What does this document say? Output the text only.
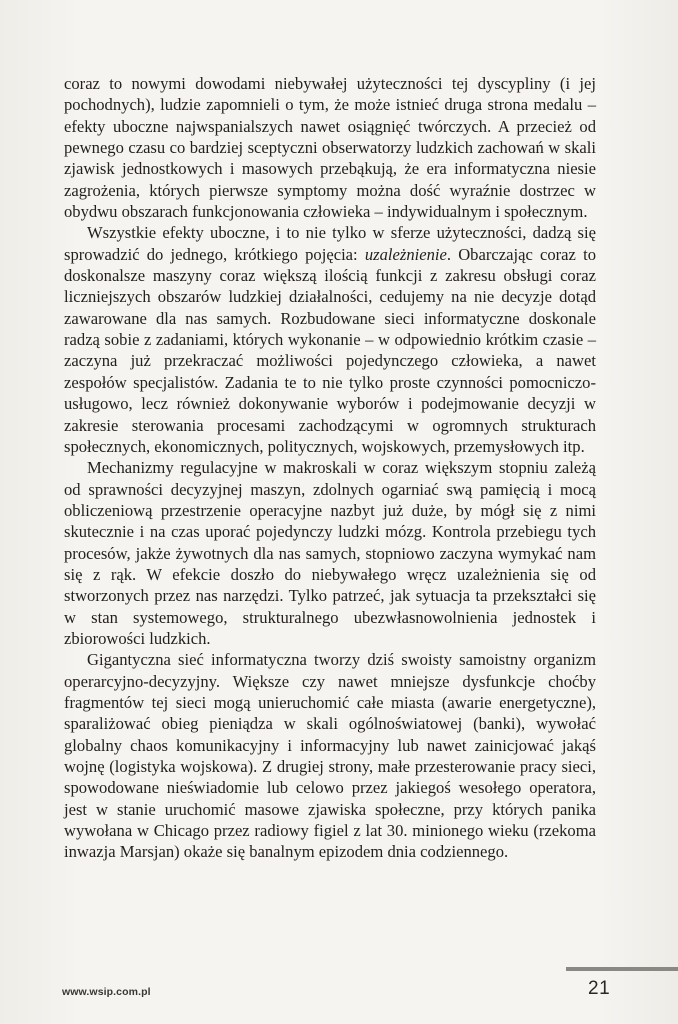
coraz to nowymi dowodami niebywałej użyteczności tej dyscypliny (i jej pochodnych), ludzie zapomnieli o tym, że może istnieć druga strona medalu – efekty uboczne najwspanialszych nawet osiągnięć twórczych. A przecież od pewnego czasu co bardziej sceptyczni obserwatorzy ludzkich zachowań w skali zjawisk jednostkowych i masowych przebąkują, że era informatyczna niesie zagrożenia, których pierwsze symptomy można dość wyraźnie dostrzec w obydwu obszarach funkcjonowania człowieka – indywidualnym i społecznym.

Wszystkie efekty uboczne, i to nie tylko w sferze użyteczności, dadzą się sprowadzić do jednego, krótkiego pojęcia: uzależnienie. Obarczając coraz to doskonalsze maszyny coraz większą ilością funkcji z zakresu obsługi coraz liczniejszych obszarów ludzkiej działalności, cedujemy na nie decyzje dotąd zawarowane dla nas samych. Rozbudowane sieci informatyczne doskonale radzą sobie z zadaniami, których wykonanie – w odpowiednio krótkim czasie – zaczyna już przekraczać możliwości pojedynczego człowieka, a nawet zespołów specjalistów. Zadania te to nie tylko proste czynności pomocniczo-usługowo, lecz również dokonywanie wyborów i podejmowanie decyzji w zakresie sterowania procesami zachodzącymi w ogromnych strukturach społecznych, ekonomicznych, politycznych, wojskowych, przemysłowych itp.

Mechanizmy regulacyjne w makroskali w coraz większym stopniu zależą od sprawności decyzyjnej maszyn, zdolnych ogarniać swą pamięcią i mocą obliczeniową przestrzenie operacyjne nazbyt już duże, by mógł się z nimi skutecznie i na czas uporać pojedynczy ludzki mózg. Kontrola przebiegu tych procesów, jakże żywotnych dla nas samych, stopniowo zaczyna wymykać nam się z rąk. W efekcie doszło do niebywałego wręcz uzależnienia się od stworzonych przez nas narzędzi. Tylko patrzeć, jak sytuacja ta przekształci się w stan systemowego, strukturalnego ubezwłasnowolnienia jednostek i zbiorowości ludzkich.

Gigantyczna sieć informatyczna tworzy dziś swoisty samoistny organizm operarcyjno-decyzyjny. Większe czy nawet mniejsze dysfunkcje choćby fragmentów tej sieci mogą unieruchomić całe miasta (awarie energetyczne), sparaliżować obieg pieniądza w skali ogólnoświatowej (banki), wywołać globalny chaos komunikacyjny i informacyjny lub nawet zainicjować jakąś wojnę (logistyka wojskowa). Z drugiej strony, małe przesterowanie pracy sieci, spowodowane nieświadomie lub celowo przez jakiegoś wesołego operatora, jest w stanie uruchomić masowe zjawiska społeczne, przy których panika wywołana w Chicago przez radiowy figiel z lat 30. minionego wieku (rzekoma inwazja Marsjan) okaże się banalnym epizodem dnia codziennego.

www.wsip.com.pl	21
